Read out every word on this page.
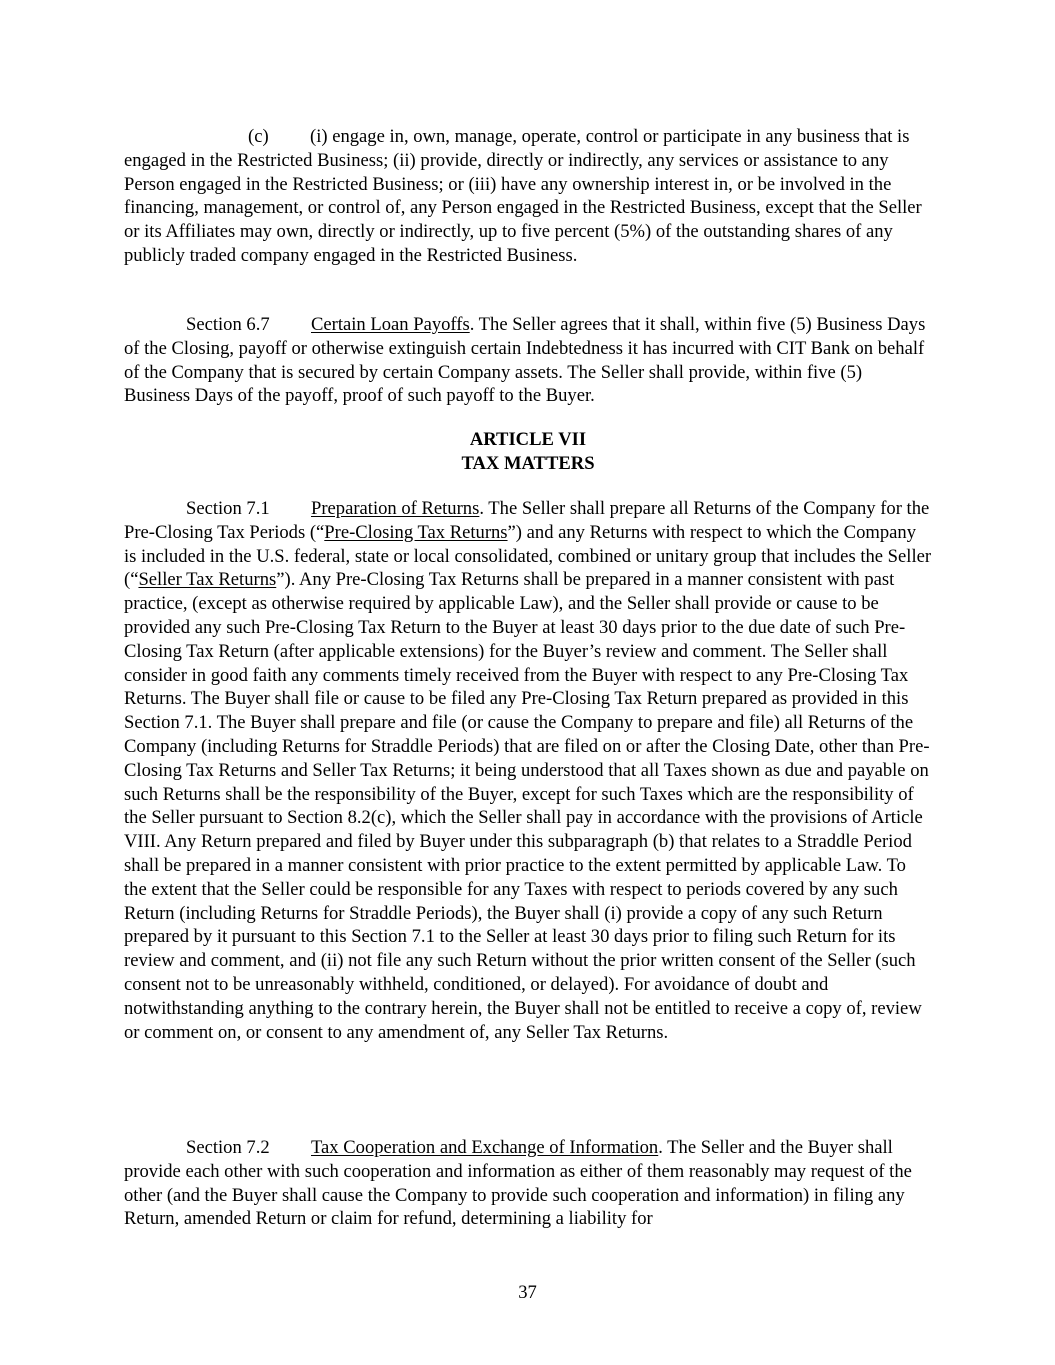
(c) (i) engage in, own, manage, operate, control or participate in any business that is engaged in the Restricted Business; (ii) provide, directly or indirectly, any services or assistance to any Person engaged in the Restricted Business; or (iii) have any ownership interest in, or be involved in the financing, management, or control of, any Person engaged in the Restricted Business, except that the Seller or its Affiliates may own, directly or indirectly, up to five percent (5%) of the outstanding shares of any publicly traded company engaged in the Restricted Business.

Section 6.7 Certain Loan Payoffs. The Seller agrees that it shall, within five (5) Business Days of the Closing, payoff or otherwise extinguish certain Indebtedness it has incurred with CIT Bank on behalf of the Company that is secured by certain Company assets. The Seller shall provide, within five (5) Business Days of the payoff, proof of such payoff to the Buyer.

ARTICLE VII
TAX MATTERS

Section 7.1 Preparation of Returns. The Seller shall prepare all Returns of the Company for the Pre-Closing Tax Periods (“Pre-Closing Tax Returns”) and any Returns with respect to which the Company is included in the U.S. federal, state or local consolidated, combined or unitary group that includes the Seller (“Seller Tax Returns”). Any Pre-Closing Tax Returns shall be prepared in a manner consistent with past practice, (except as otherwise required by applicable Law), and the Seller shall provide or cause to be provided any such Pre-Closing Tax Return to the Buyer at least 30 days prior to the due date of such Pre-Closing Tax Return (after applicable extensions) for the Buyer’s review and comment. The Seller shall consider in good faith any comments timely received from the Buyer with respect to any Pre-Closing Tax Returns. The Buyer shall file or cause to be filed any Pre-Closing Tax Return prepared as provided in this Section 7.1. The Buyer shall prepare and file (or cause the Company to prepare and file) all Returns of the Company (including Returns for Straddle Periods) that are filed on or after the Closing Date, other than Pre-Closing Tax Returns and Seller Tax Returns; it being understood that all Taxes shown as due and payable on such Returns shall be the responsibility of the Buyer, except for such Taxes which are the responsibility of the Seller pursuant to Section 8.2(c), which the Seller shall pay in accordance with the provisions of Article VIII. Any Return prepared and filed by Buyer under this subparagraph (b) that relates to a Straddle Period shall be prepared in a manner consistent with prior practice to the extent permitted by applicable Law. To the extent that the Seller could be responsible for any Taxes with respect to periods covered by any such Return (including Returns for Straddle Periods), the Buyer shall (i) provide a copy of any such Return prepared by it pursuant to this Section 7.1 to the Seller at least 30 days prior to filing such Return for its review and comment, and (ii) not file any such Return without the prior written consent of the Seller (such consent not to be unreasonably withheld, conditioned, or delayed). For avoidance of doubt and notwithstanding anything to the contrary herein, the Buyer shall not be entitled to receive a copy of, review or comment on, or consent to any amendment of, any Seller Tax Returns.

Section 7.2 Tax Cooperation and Exchange of Information. The Seller and the Buyer shall provide each other with such cooperation and information as either of them reasonably may request of the other (and the Buyer shall cause the Company to provide such cooperation and information) in filing any Return, amended Return or claim for refund, determining a liability for

37
